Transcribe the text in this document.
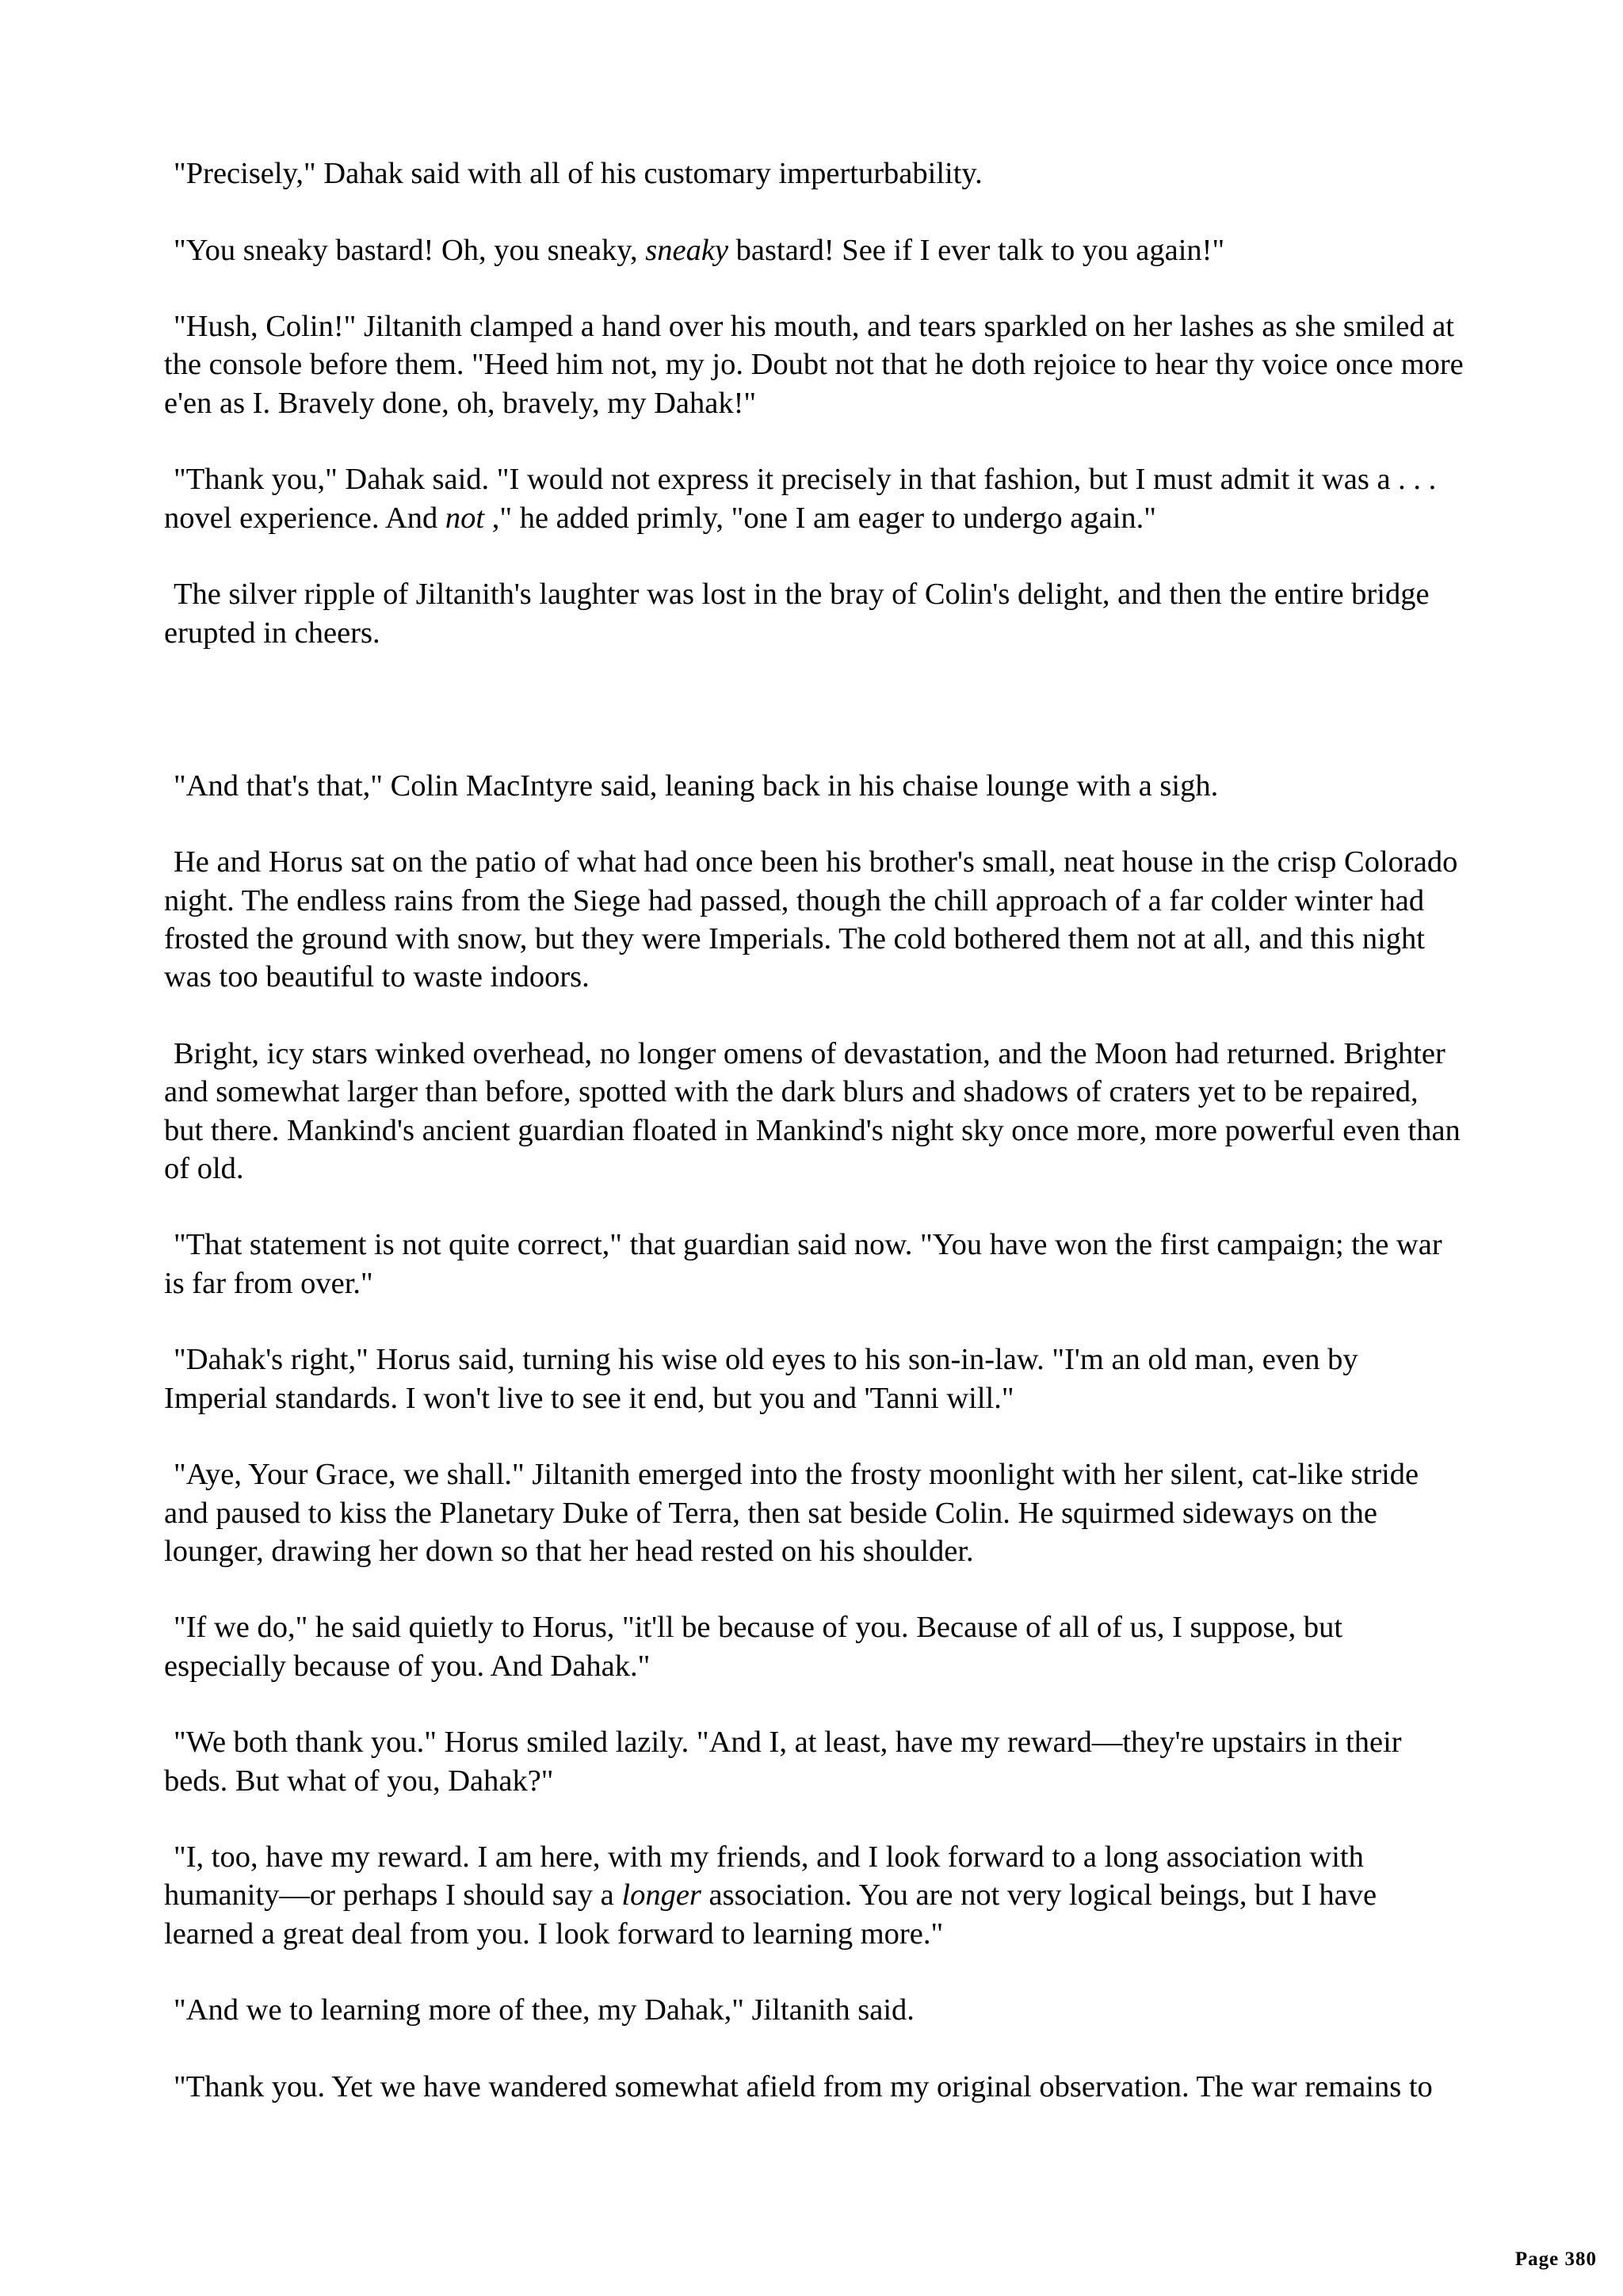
"Precisely," Dahak said with all of his customary imperturbability.

"You sneaky bastard! Oh, you sneaky, sneaky bastard! See if I ever talk to you again!"

"Hush, Colin!" Jiltanith clamped a hand over his mouth, and tears sparkled on her lashes as she smiled at the console before them. "Heed him not, my jo. Doubt not that he doth rejoice to hear thy voice once more e'en as I. Bravely done, oh, bravely, my Dahak!"

"Thank you," Dahak said. "I would not express it precisely in that fashion, but I must admit it was a . . . novel experience. And not ," he added primly, "one I am eager to undergo again."

The silver ripple of Jiltanith's laughter was lost in the bray of Colin's delight, and then the entire bridge erupted in cheers.

"And that's that," Colin MacIntyre said, leaning back in his chaise lounge with a sigh.

He and Horus sat on the patio of what had once been his brother's small, neat house in the crisp Colorado night. The endless rains from the Siege had passed, though the chill approach of a far colder winter had frosted the ground with snow, but they were Imperials. The cold bothered them not at all, and this night was too beautiful to waste indoors.

Bright, icy stars winked overhead, no longer omens of devastation, and the Moon had returned. Brighter and somewhat larger than before, spotted with the dark blurs and shadows of craters yet to be repaired, but there. Mankind's ancient guardian floated in Mankind's night sky once more, more powerful even than of old.

"That statement is not quite correct," that guardian said now. "You have won the first campaign; the war is far from over."

"Dahak's right," Horus said, turning his wise old eyes to his son-in-law. "I'm an old man, even by Imperial standards. I won't live to see it end, but you and 'Tanni will."

"Aye, Your Grace, we shall." Jiltanith emerged into the frosty moonlight with her silent, cat-like stride and paused to kiss the Planetary Duke of Terra, then sat beside Colin. He squirmed sideways on the lounger, drawing her down so that her head rested on his shoulder.

"If we do," he said quietly to Horus, "it'll be because of you. Because of all of us, I suppose, but especially because of you. And Dahak."

"We both thank you." Horus smiled lazily. "And I, at least, have my reward—they're upstairs in their beds. But what of you, Dahak?"

"I, too, have my reward. I am here, with my friends, and I look forward to a long association with humanity—or perhaps I should say a longer association. You are not very logical beings, but I have learned a great deal from you. I look forward to learning more."

"And we to learning more of thee, my Dahak," Jiltanith said.

"Thank you. Yet we have wandered somewhat afield from my original observation. The war remains to

Page 380
